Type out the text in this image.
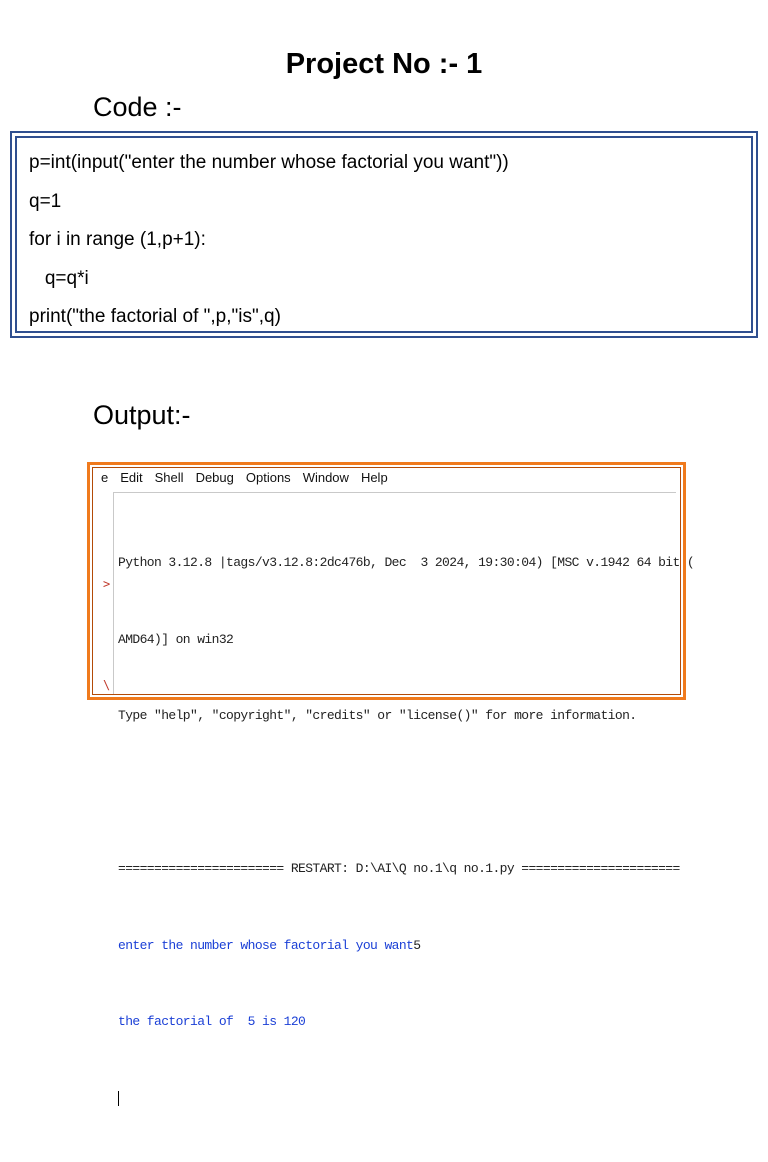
Project No :- 1
Code :-
p=int(input("enter the number whose factorial you want"))
q=1
for i in range (1,p+1):
q=q*i
print("the factorial of ",p,"is",q)
Output:-
e Edit Shell Debug Options Window Help
>
\

Python 3.12.8 |tags/v3.12.8:2dc476b, Dec  3 2024, 19:30:04) [MSC v.1942 64 bit (

AMD64)] on win32

Type "help", "copyright", "credits" or "license()" for more information.

======================= RESTART: D:\AI\Q no.1\q no.1.py ======================

enter the number whose factorial you want5

the factorial of  5 is 120
